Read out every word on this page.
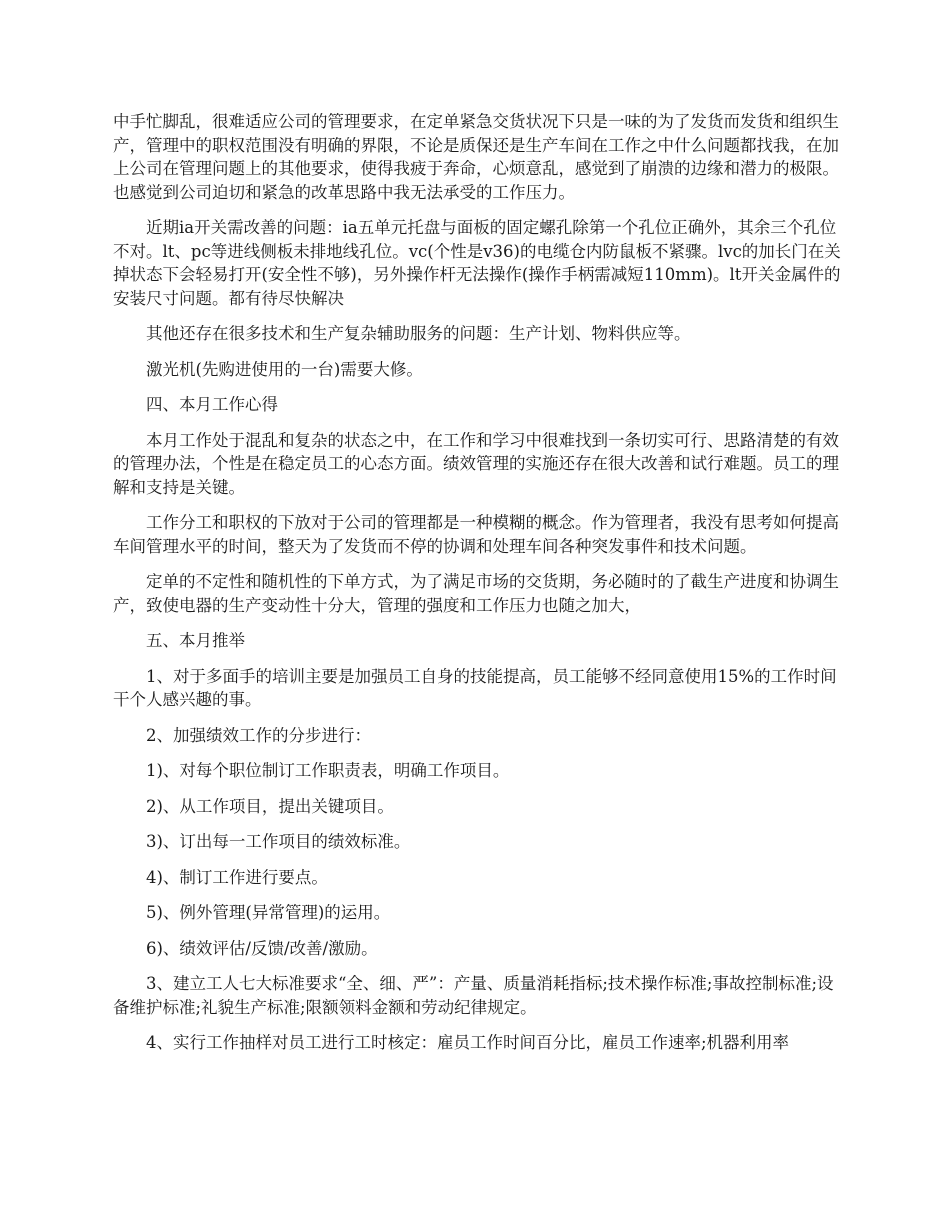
中手忙脚乱，很难适应公司的管理要求，在定单紧急交货状况下只是一味的为了发货而发货和组织生产，管理中的职权范围没有明确的界限，不论是质保还是生产车间在工作之中什么问题都找我，在加上公司在管理问题上的其他要求，使得我疲于奔命，心烦意乱，感觉到了崩溃的边缘和潜力的极限。也感觉到公司迫切和紧急的改革思路中我无法承受的工作压力。

近期ia开关需改善的问题：ia五单元托盘与面板的固定螺孔除第一个孔位正确外，其余三个孔位不对。lt、pc等进线侧板未排地线孔位。vc(个性是v36)的电缆仓内防鼠板不紧骤。lvc的加长门在关掉状态下会轻易打开(安全性不够)，另外操作杆无法操作(操作手柄需减短110mm)。lt开关金属件的安装尺寸问题。都有待尽快解决

其他还存在很多技术和生产复杂辅助服务的问题：生产计划、物料供应等。

激光机(先购进使用的一台)需要大修。

四、本月工作心得

本月工作处于混乱和复杂的状态之中，在工作和学习中很难找到一条切实可行、思路清楚的有效的管理办法，个性是在稳定员工的心态方面。绩效管理的实施还存在很大改善和试行难题。员工的理解和支持是关键。

工作分工和职权的下放对于公司的管理都是一种模糊的概念。作为管理者，我没有思考如何提高车间管理水平的时间，整天为了发货而不停的协调和处理车间各种突发事件和技术问题。

定单的不定性和随机性的下单方式，为了满足市场的交货期，务必随时的了截生产进度和协调生产，致使电器的生产变动性十分大，管理的强度和工作压力也随之加大，

五、本月推举

1、对于多面手的培训主要是加强员工自身的技能提高，员工能够不经同意使用15%的工作时间干个人感兴趣的事。

2、加强绩效工作的分步进行：

1)、对每个职位制订工作职责表，明确工作项目。

2)、从工作项目，提出关键项目。

3)、订出每一工作项目的绩效标准。

4)、制订工作进行要点。

5)、例外管理(异常管理)的运用。

6)、绩效评估/反馈/改善/激励。

3、建立工人七大标准要求“全、细、严”：产量、质量消耗指标;技术操作标准;事故控制标准;设备维护标准;礼貌生产标准;限额领料金额和劳动纪律规定。

4、实行工作抽样对员工进行工时核定：雇员工作时间百分比，雇员工作速率;机器利用率
